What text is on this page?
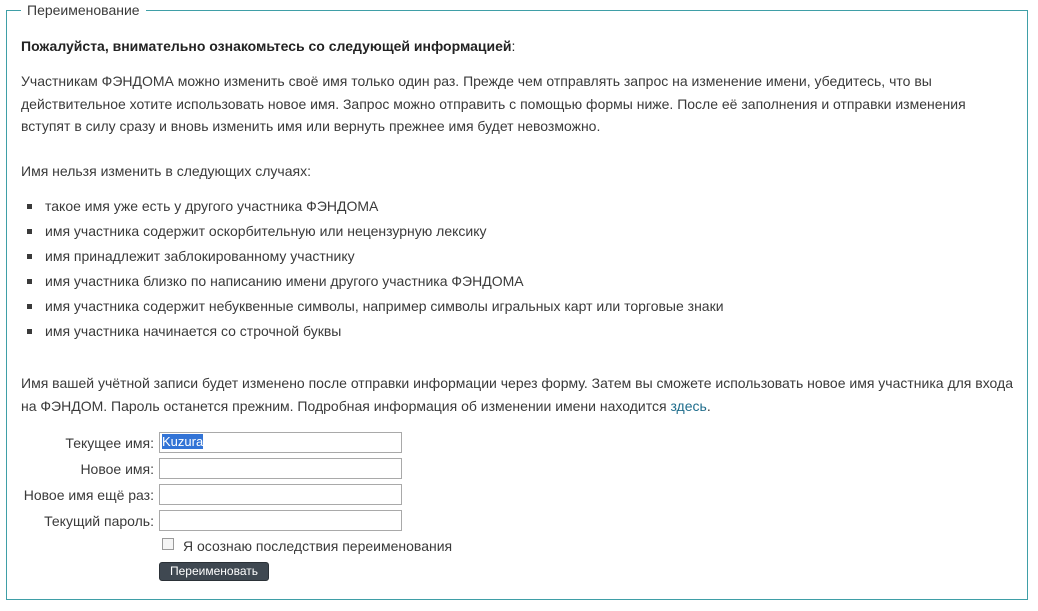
Переименование
Пожалуйста, внимательно ознакомьтесь со следующей информацией:

Участникам ФЭНДОМА можно изменить своё имя только один раз. Прежде чем отправлять запрос на изменение имени, убедитесь, что вы

действительное хотите использовать новое имя. Запрос можно отправить с помощью формы ниже. После её заполнения и отправки изменения

вступят в силу сразу и вновь изменить имя или вернуть прежнее имя будет невозможно.

Имя нельзя изменить в следующих случаях:

такое имя уже есть у другого участника ФЭНДОМА
имя участника содержит оскорбительную или нецензурную лексику
имя принадлежит заблокированному участнику
имя участника близко по написанию имени другого участника ФЭНДОМА
имя участника содержит небуквенные символы, например символы игральных карт или торговые знаки
имя участника начинается со строчной буквы

Имя вашей учётной записи будет изменено после отправки информации через форму. Затем вы сможете использовать новое имя участника для входа

на ФЭНДОМ. Пароль останется прежним. Подробная информация об изменении имени находится здесь.

Текущее имя: Kuzura
Новое имя:
Новое имя ещё раз:
Текущий пароль:
Я осознаю последствия переименования
Переименовать
